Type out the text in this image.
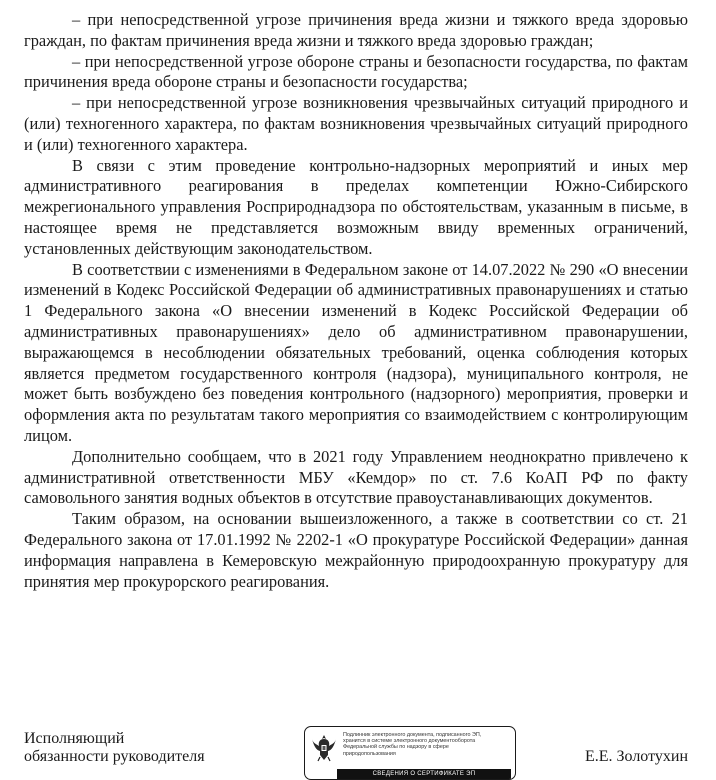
– при непосредственной угрозе причинения вреда жизни и тяжкого вреда здоровью граждан, по фактам причинения вреда жизни и тяжкого вреда здоровью граждан;

– при непосредственной угрозе обороне страны и безопасности государства, по фактам причинения вреда обороне страны и безопасности государства;

– при непосредственной угрозе возникновения чрезвычайных ситуаций природного и (или) техногенного характера, по фактам возникновения чрезвычайных ситуаций природного и (или) техногенного характера.

В связи с этим проведение контрольно-надзорных мероприятий и иных мер административного реагирования в пределах компетенции Южно-Сибирского межрегионального управления Росприроднадзора по обстоятельствам, указанным в письме, в настоящее время не представляется возможным ввиду временных ограничений, установленных действующим законодательством.

В соответствии с изменениями в Федеральном законе от 14.07.2022 № 290 «О внесении изменений в Кодекс Российской Федерации об административных правонарушениях и статью 1 Федерального закона «О внесении изменений в Кодекс Российской Федерации об административных правонарушениях» дело об административном правонарушении, выражающемся в несоблюдении обязательных требований, оценка соблюдения которых является предметом государственного контроля (надзора), муниципального контроля, не может быть возбуждено без поведения контрольного (надзорного) мероприятия, проверки и оформления акта по результатам такого мероприятия со взаимодействием с контролирующим лицом.

Дополнительно сообщаем, что в 2021 году Управлением неоднократно привлечено к административной ответственности МБУ «Кемдор» по ст. 7.6 КоАП РФ по факту самовольного занятия водных объектов в отсутствие правоустанавливающих документов.

Таким образом, на основании вышеизложенного, а также в соответствии со ст. 21 Федерального закона от 17.01.1992 № 2202-1 «О прокуратуре Российской Федерации» данная информация направлена в Кемеровскую межрайонную природоохранную прокуратуру для принятия мер прокурорского реагирования.

Исполняющий
обязанности руководителя
Подлинник электронного документа, подписанного ЭП,
хранится в системе электронного документооборота
Федеральной службы по надзору в сфере
природопользования
СВЕДЕНИЯ О СЕРТИФИКАТЕ ЭП
Е.Е. Золотухин
